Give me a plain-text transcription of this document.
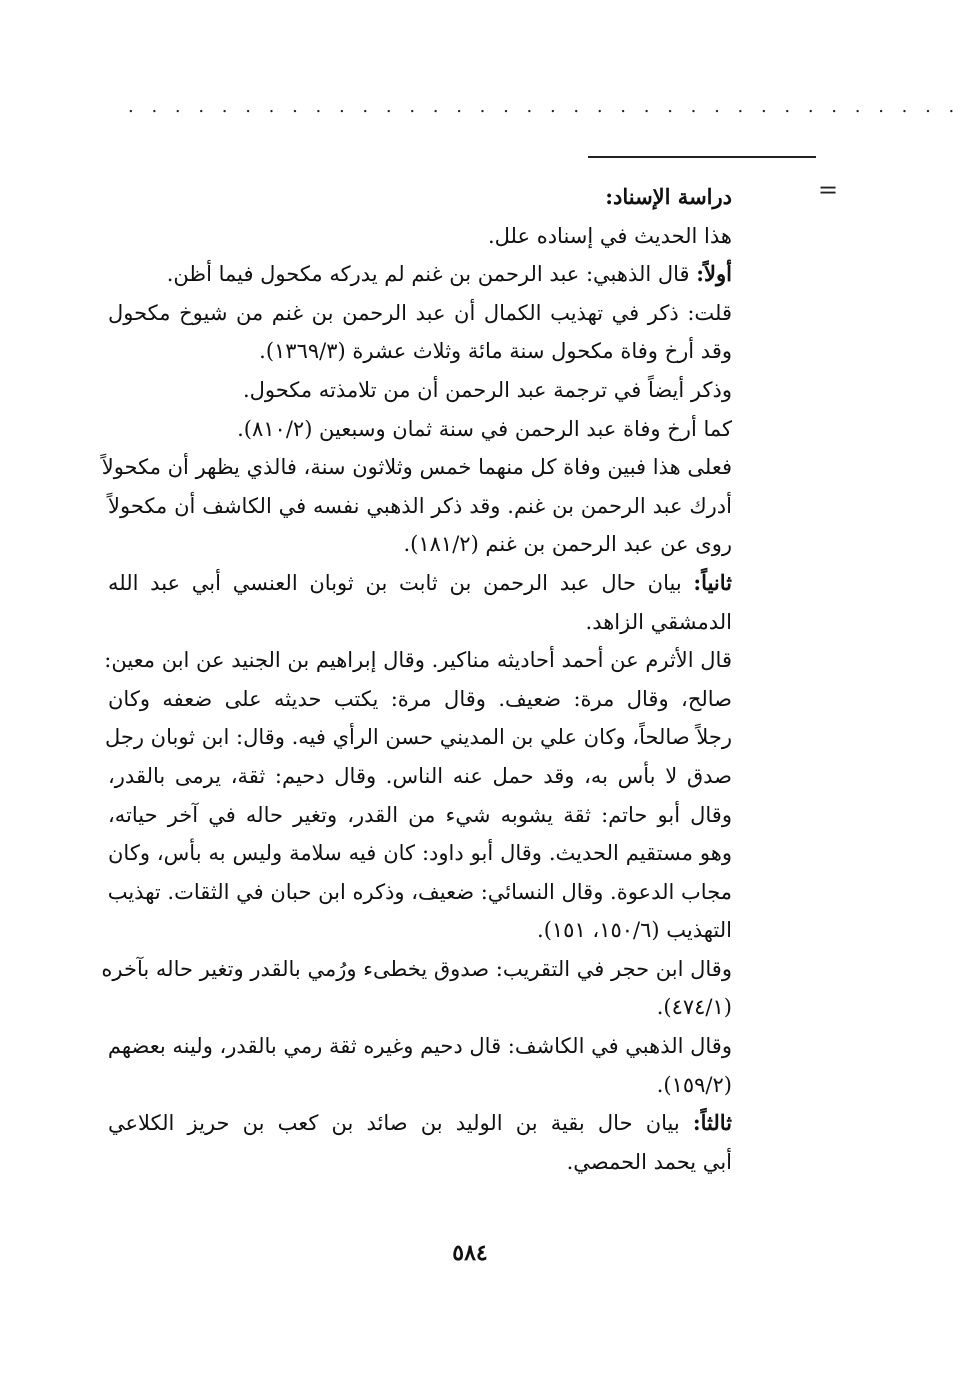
. . . . . . . . . . . . . . . . . . . . . . . . . . . . . . . . . . . .
=
دراسة الإسناد:
هذا الحديث في إسناده علل.
أولاً: قال الذهبي: عبد الرحمن بن غنم لم يدركه مكحول فيما أظن.
قلت: ذكر في تهذيب الكمال أن عبد الرحمن بن غنم من شيوخ مكحول
وقد أرخ وفاة مكحول سنة مائة وثلاث عشرة (١٣٦٩/٣).
وذكر أيضاً في ترجمة عبد الرحمن أن من تلامذته مكحول.
كما أرخ وفاة عبد الرحمن في سنة ثمان وسبعين (٨١٠/٢).
فعلى هذا فبين وفاة كل منهما خمس وثلاثون سنة، فالذي يظهر أن مكحولاً
أدرك عبد الرحمن بن غنم. وقد ذكر الذهبي نفسه في الكاشف أن مكحولاً
روى عن عبد الرحمن بن غنم (١٨١/٢).
ثانياً: بيان حال عبد الرحمن بن ثابت بن ثوبان العنسي أبي عبد الله
الدمشقي الزاهد.
قال الأثرم عن أحمد أحاديثه مناكير. وقال إبراهيم بن الجنيد عن ابن معين:
صالح، وقال مرة: ضعيف. وقال مرة: يكتب حديثه على ضعفه وكان
رجلاً صالحاً، وكان علي بن المديني حسن الرأي فيه. وقال: ابن ثوبان رجل
صدق لا بأس به، وقد حمل عنه الناس. وقال دحيم: ثقة، يرمى بالقدر،
وقال أبو حاتم: ثقة يشوبه شيء من القدر، وتغير حاله في آخر حياته،
وهو مستقيم الحديث. وقال أبو داود: كان فيه سلامة وليس به بأس، وكان
مجاب الدعوة. وقال النسائي: ضعيف، وذكره ابن حبان في الثقات. تهذيب
التهذيب (١٥٠/٦، ١٥١).
وقال ابن حجر في التقريب: صدوق يخطىء ورُمي بالقدر وتغير حاله بآخره
(٤٧٤/١).
وقال الذهبي في الكاشف: قال دحيم وغيره ثقة رمي بالقدر، ولينه بعضهم
(١٥٩/٢).
ثالثاً: بيان حال بقية بن الوليد بن صائد بن كعب بن حريز الكلاعي
أبي يحمد الحمصي.
٥٨٤
